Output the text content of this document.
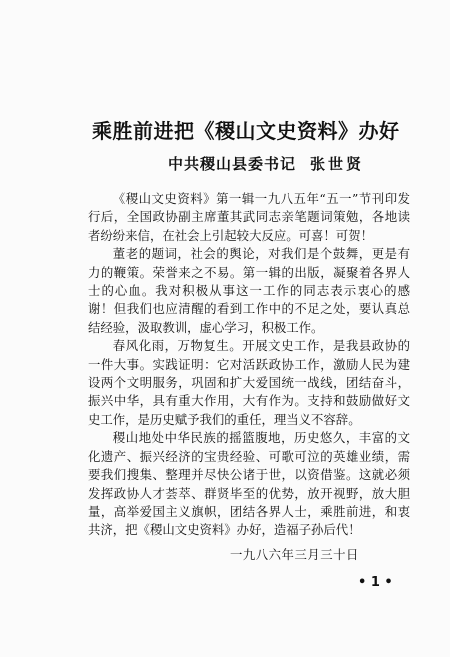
乘胜前进把《稷山文史资料》办好
中共稷山县委书记 张世贤

《稷山文史资料》第一辑一九八五年“五一”节刊印发行后，全国政协副主席董其武同志亲笔题词策勉，各地读者纷纷来信，在社会上引起较大反应。可喜！可贺！

董老的题词，社会的舆论，对我们是个鼓舞，更是有力的鞭策。荣誉来之不易。第一辑的出版，凝聚着各界人士的心血。我对积极从事这一工作的同志表示衷心的感谢！但我们也应清醒的看到工作中的不足之处，要认真总结经验，汲取教训，虚心学习，积极工作。

春风化雨，万物复生。开展文史工作，是我县政协的一件大事。实践证明：它对活跃政协工作，激励人民为建设两个文明服务，巩固和扩大爱国统一战线，团结奋斗，振兴中华，具有重大作用，大有作为。支持和鼓励做好文史工作，是历史赋予我们的重任，理当义不容辞。

稷山地处中华民族的摇篮腹地，历史悠久，丰富的文化遗产、振兴经济的宝贵经验、可歌可泣的英雄业绩，需要我们搜集、整理并尽快公诸于世，以资借鉴。这就必须发挥政协人才荟萃、群贤毕至的优势，放开视野，放大胆量，高举爱国主义旗帜，团结各界人士，乘胜前进，和衷共济，把《稷山文史资料》办好，造福子孙后代！

一九八六年三月三十日
• 1 •
